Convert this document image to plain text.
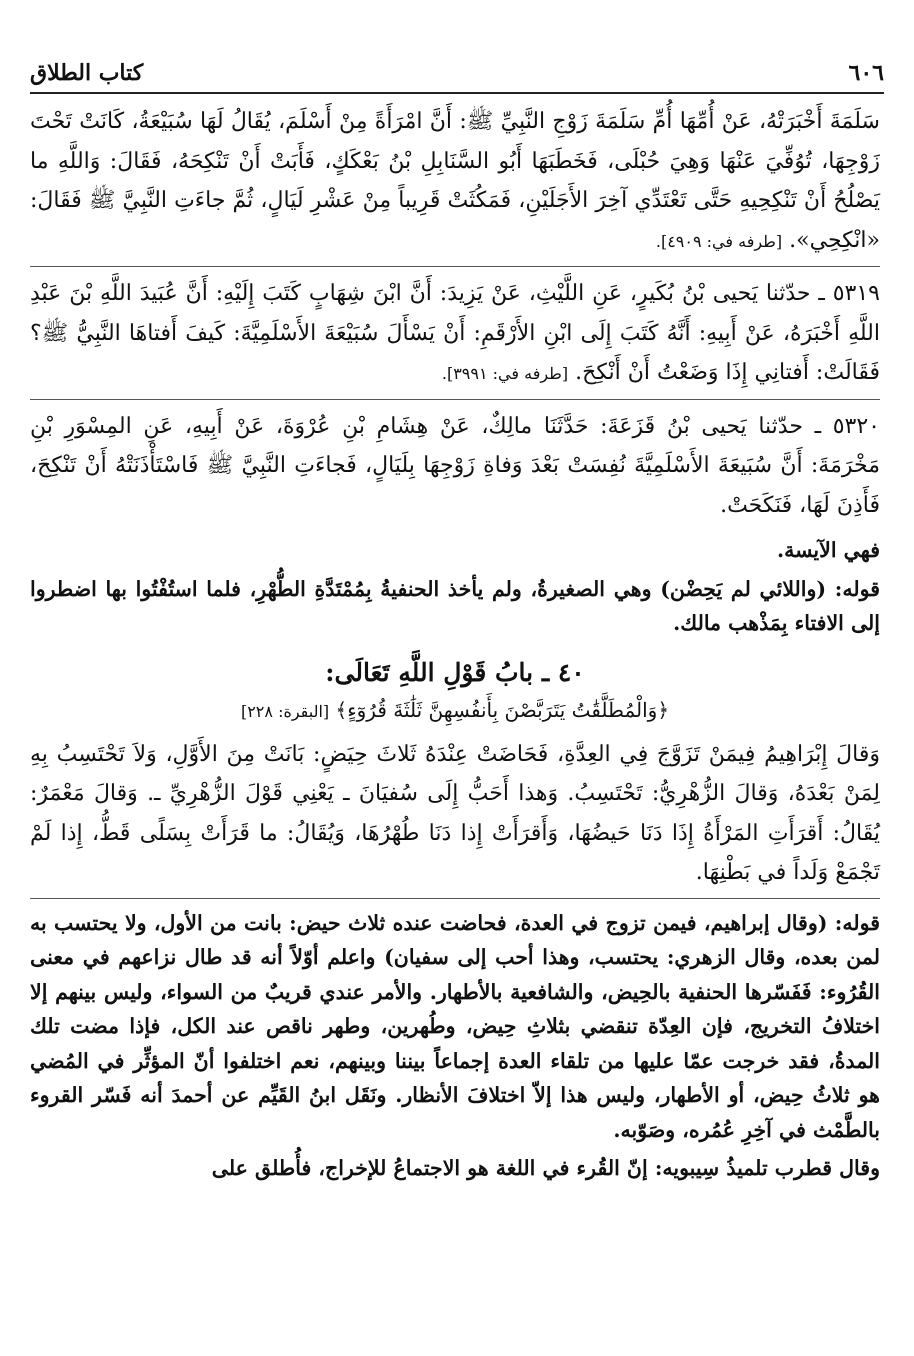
٦٠٦
كتاب الطلاق

سَلَمَةَ أَخْبَرَتْهُ، عَنْ أُمِّهَا أُمِّ سَلَمَةَ زَوْجِ النَّبِيِّ ﷺ: أَنَّ امْرَأَةً مِنْ أَسْلَمَ، يُقَالُ لَهَا سُبَيْعَةُ، كَانَتْ تَحْتَ زَوْجِهَا، تُوُفِّيَ عَنْهَا وَهِيَ حُبْلَى، فَخَطَبَهَا أَبُو السَّنَابِلِ بْنُ بَعْكَكٍ، فَأَبَتْ أَنْ تَنْكِحَهُ، فَقَالَ: وَاللَّهِ ما يَصْلُحُ أَنْ تَنْكِحِيهِ حَتَّى تَعْتَدِّي آخِرَ الأَجَلَيْنِ، فَمَكُثَتْ قَرِيباً مِنْ عَشْرِ لَيَالٍ، ثُمَّ جاءَتِ النَّبِيَّ ﷺ فَقَالَ: «انْكِحِي». [طرفه في: ٤٩٠٩].

٥٣١٩ ـ حدّثنا يَحيى بْنُ بُكَيرٍ، عَنِ اللَّيْثِ، عَنْ يَزِيدَ: أَنَّ ابْنَ شِهَابٍ كَتَبَ إِلَيْهِ: أَنَّ عُبَيدَ اللَّهِ بْنَ عَبْدِ اللَّهِ أَخْبَرَهُ، عَنْ أَبِيهِ: أَنَّهُ كَتَبَ إِلَى ابْنِ الأَرْقَمِ: أَنْ يَسْأَلَ سُبَيْعَةَ الأَسْلَمِيَّةَ: كَيفَ أَفتاهَا النَّبِيُّ ﷺ؟ فَقَالَتْ: أَفتانِي إِذَا وَضَعْتُ أَنْ أَنْكِحَ. [طرفه في: ٣٩٩١].

٥٣٢٠ ـ حدّثنا يَحيى بْنُ قَزَعَةَ: حَدَّثَنَا مالِكٌ، عَنْ هِشَامِ بْنِ عُرْوَةَ، عَنْ أَبِيهِ، عَنِ المِسْوَرِ بْنِ مَخْرَمَةَ: أَنَّ سُبَيعَةَ الأَسْلَمِيَّةَ نُفِسَتْ بَعْدَ وَفاةِ زَوْجِهَا بِلَيَالٍ، فَجاءَتِ النَّبِيَّ ﷺ فَاسْتَأْذَنَتْهُ أَنْ تَنْكِحَ، فَأَذِنَ لَهَا، فَنَكَحَتْ.

فهي الآيسة.

قوله: (واللائي لم يَحِضْن) وهي الصغيرةُ، ولم يأخذ الحنفيةُ بِمُمْتَدَّةِ الطُّهْرِ، فلما استُفْتُوا بها اضطروا إلى الافتاء بِمَذْهب مالك.

٤٠ ـ بابُ قَوْلِ اللَّهِ تَعَالَى:

﴿وَالْمُطَلَّقَٰتُ يَتَرَبَّصْنَ بِأَنفُسِهِنَّ ثَلَٰثَةَ قُرُوٓءٍ﴾ [البقرة: ٢٢٨]

وَقالَ إِبْرَاهِيمُ فِيمَنْ تَزَوَّجَ فِي العِدَّةِ، فَحَاضَتْ عِنْدَهُ ثَلاثَ حِيَضٍ: بَانَتْ مِنَ الأَوَّلِ، وَلاَ تَحْتَسِبُ بِهِ لِمَنْ بَعْدَهُ، وَقالَ الزُّهْرِيُّ: تَحْتَسِبُ. وَهذا أَحَبُّ إِلَى سُفيَانَ ـ يَعْنِي قَوْلَ الزُّهْرِيِّ ـ. وَقالَ مَعْمَرٌ: يُقَالُ: أَقرَأَتِ المَرْأَةُ إِذَا دَنَا حَيضُهَا، وَأَقرَأَتْ إِذا دَنَا طُهْرُهَا، وَيُقَالُ: ما قَرَأَتْ بِسَلًى قَطُّ، إِذا لَمْ تَجْمَعْ وَلَداً في بَطْنِهَا.

قوله: (وقال إبراهيم، فيمن تزوج في العدة، فحاضت عنده ثلاث حيض: بانت من الأول، ولا يحتسب به لمن بعده، وقال الزهري: يحتسب، وهذا أحب إلى سفيان) واعلم أوّلاً أنه قد طال نزاعهم في معنى القُرُوء: فَفَسّرها الحنفية بالحِيض، والشافعية بالأطهار. والأمر عندي قريبٌ من السواء، وليس بينهم إلا اختلافُ التخريج، فإن العِدّة تنقضي بثلاثِ حِيض، وطُهرين، وطهر ناقص عند الكل، فإذا مضت تلك المدةُ، فقد خرجت عمّا عليها من تلقاء العدة إجماعاً بيننا وبينهم، نعم اختلفوا أنّ المؤثِّر في المُضي هو ثلاثُ حِيض، أو الأطهار، وليس هذا إلاّ اختلافَ الأنظار. ونَقَل ابنُ القَيِّم عن أحمدَ أنه فَسّر القروء بالطَّمْث في آخِرِ عُمُره، وصَوّبه.

وقال قطرب تلميذُ سِيبويه: إنّ القُرء في اللغة هو الاجتماعُ للإخراج، فأُطلق على
